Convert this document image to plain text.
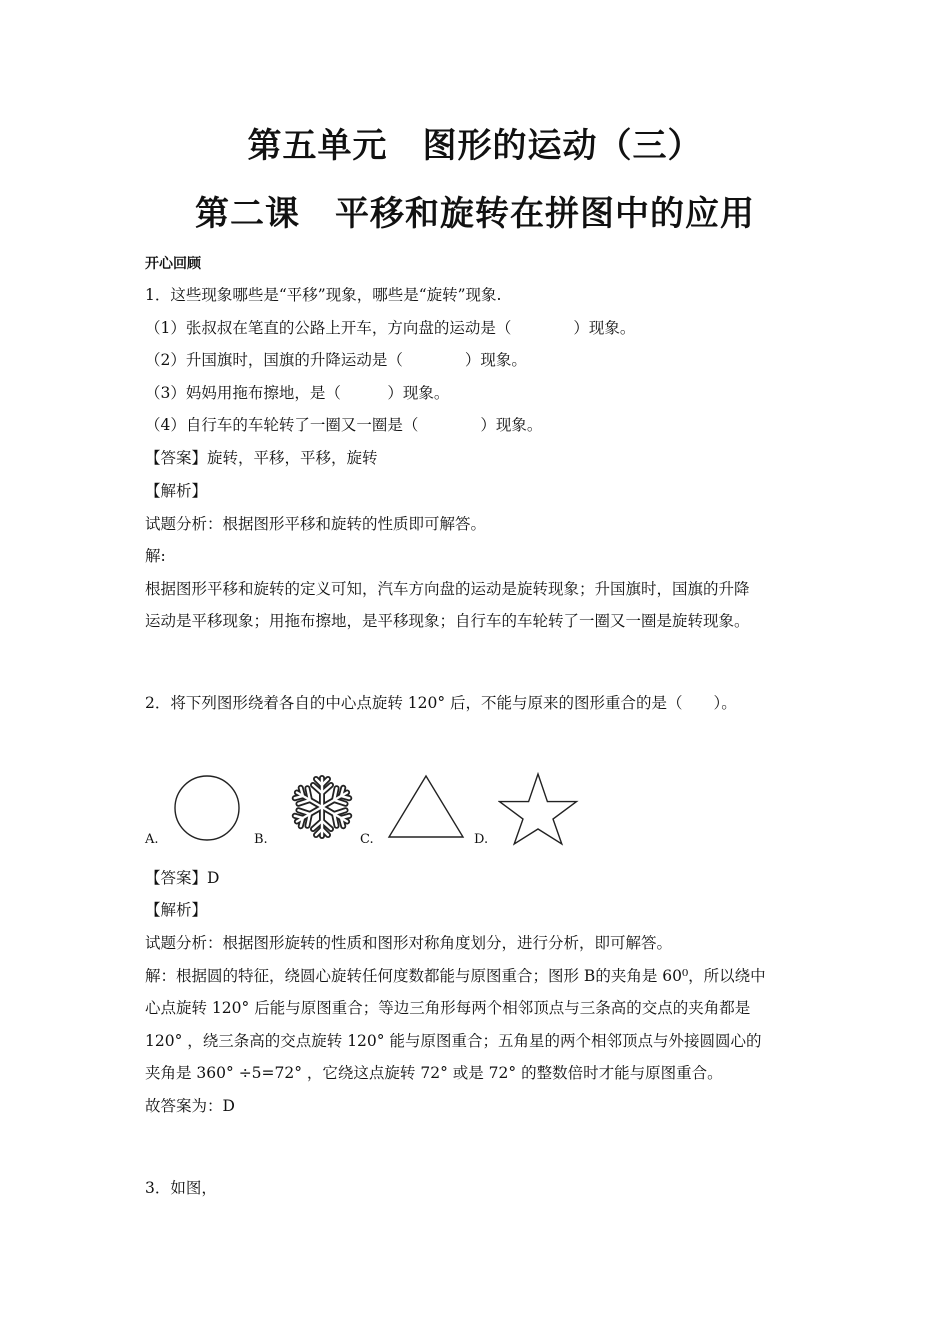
第五单元　图形的运动（三）
第二课　平移和旋转在拼图中的应用
开心回顾
1．这些现象哪些是“平移”现象，哪些是“旋转”现象.
（1）张叔叔在笔直的公路上开车，方向盘的运动是（　　　　）现象。
（2）升国旗时，国旗的升降运动是（　　　　）现象。
（3）妈妈用拖布擦地，是（　　　）现象。
（4）自行车的车轮转了一圈又一圈是（　　　　）现象。
【答案】旋转，平移，平移，旋转
【解析】
试题分析：根据图形平移和旋转的性质即可解答。
解:
根据图形平移和旋转的定义可知，汽车方向盘的运动是旋转现象；升国旗时，国旗的升降
运动是平移现象；用拖布擦地，是平移现象；自行车的车轮转了一圈又一圈是旋转现象。
2．将下列图形绕着各自的中心点旋转 120° 后，不能与原来的图形重合的是（　　）。
A.	B.	C.	D.
【答案】D
【解析】
试题分析：根据图形旋转的性质和图形对称角度划分，进行分析，即可解答。
解：根据圆的特征，绕圆心旋转任何度数都能与原图重合；图形 B的夹角是 60⁰，所以绕中
心点旋转 120° 后能与原图重合；等边三角形每两个相邻顶点与三条高的交点的夹角都是
120° ，绕三条高的交点旋转 120° 能与原图重合；五角星的两个相邻顶点与外接圆圆心的
夹角是 360° ÷5=72° ，它绕这点旋转 72° 或是 72° 的整数倍时才能与原图重合。
故答案为：D
3．如图，
